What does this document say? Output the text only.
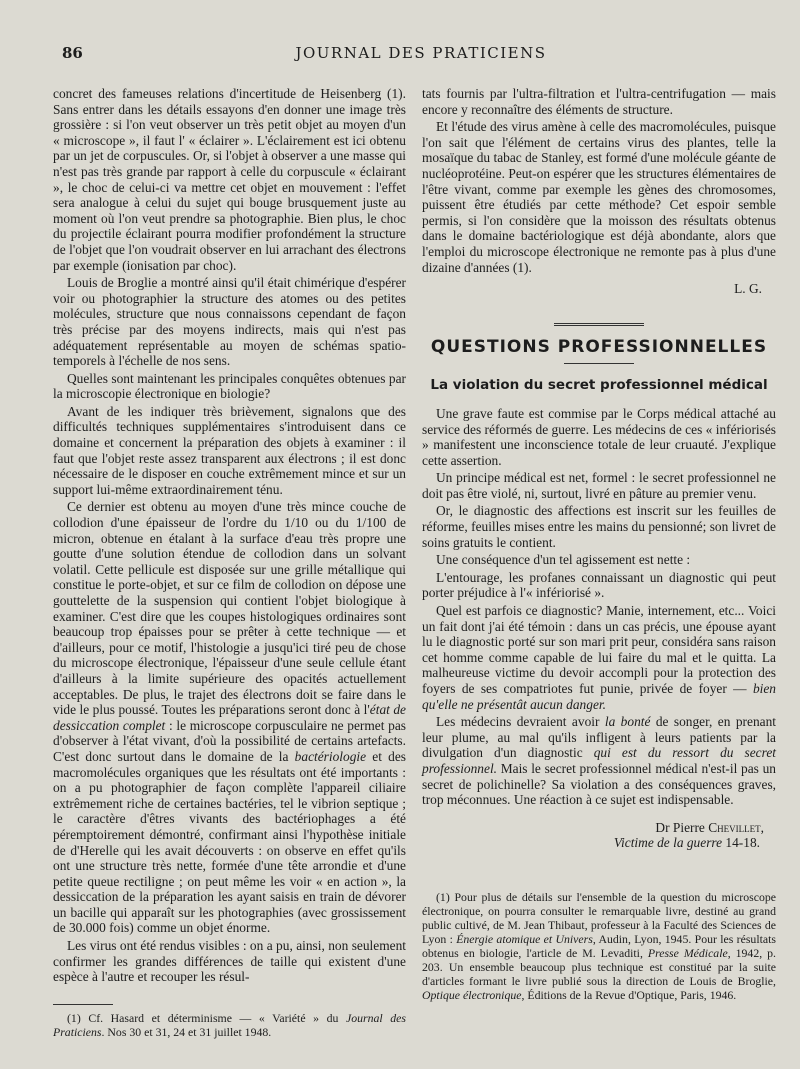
86	JOURNAL DES PRATICIENS

concret des fameuses relations d'incertitude de Heisenberg (1). Sans entrer dans les détails essayons d'en donner une image très grossière : si l'on veut observer un très petit objet au moyen d'un « microscope », il faut l' « éclairer ». L'éclairement est ici obtenu par un jet de corpuscules. Or, si l'objet à observer a une masse qui n'est pas très grande par rapport à celle du corpuscule « éclairant », le choc de celui-ci va mettre cet objet en mouvement : l'effet sera analogue à celui du sujet qui bouge brusquement juste au moment où l'on veut prendre sa photographie. Bien plus, le choc du projectile éclairant pourra modifier profondément la structure de l'objet que l'on voudrait observer en lui arrachant des électrons par exemple (ionisation par choc).

Louis de Broglie a montré ainsi qu'il était chimérique d'espérer voir ou photographier la structure des atomes ou des petites molécules, structure que nous connaissons cependant de façon très précise par des moyens indirects, mais qui n'est pas adéquatement représentable au moyen de schémas spatio-temporels à l'échelle de nos sens.

Quelles sont maintenant les principales conquêtes obtenues par la microscopie électronique en biologie?

Avant de les indiquer très brièvement, signalons que des difficultés techniques supplémentaires s'introduisent dans ce domaine et concernent la préparation des objets à examiner : il faut que l'objet reste assez transparent aux électrons ; il est donc nécessaire de le disposer en couche extrêmement mince et sur un support lui-même extraordinairement ténu.

Ce dernier est obtenu au moyen d'une très mince couche de collodion d'une épaisseur de l'ordre du 1/10 ou du 1/100 de micron, obtenue en étalant à la surface d'eau très propre une goutte d'une solution étendue de collodion dans un solvant volatil. Cette pellicule est disposée sur une grille métallique qui constitue le porte-objet, et sur ce film de collodion on dépose une gouttelette de la suspension qui contient l'objet biologique à examiner. C'est dire que les coupes histologiques ordinaires sont beaucoup trop épaisses pour se prêter à cette technique — et d'ailleurs, pour ce motif, l'histologie a jusqu'ici tiré peu de chose du microscope électronique, l'épaisseur d'une seule cellule étant d'ailleurs à la limite supérieure des opacités actuellement acceptables. De plus, le trajet des électrons doit se faire dans le vide le plus poussé. Toutes les préparations seront donc à l'état de dessiccation complet : le microscope corpusculaire ne permet pas d'observer à l'état vivant, d'où la possibilité de certains artefacts. C'est donc surtout dans le domaine de la bactériologie et des macromolécules organiques que les résultats ont été importants : on a pu photographier de façon complète l'appareil ciliaire extrêmement riche de certaines bactéries, tel le vibrion septique ; le caractère d'êtres vivants des bactériophages a été péremptoirement démontré, confirmant ainsi l'hypothèse initiale de d'Herelle qui les avait découverts : on observe en effet qu'ils ont une structure très nette, formée d'une tête arrondie et d'une petite queue rectiligne ; on peut même les voir « en action », la dessiccation de la préparation les ayant saisis en train de dévorer un bacille qui apparaît sur les photographies (avec grossissement de 30.000 fois) comme un objet énorme.

Les virus ont été rendus visibles : on a pu, ainsi, non seulement confirmer les grandes différences de taille qui existent d'une espèce à l'autre et recouper les résul-

(1) Cf. Hasard et déterminisme — « Variété » du Journal des Praticiens. Nos 30 et 31, 24 et 31 juillet 1948.

tats fournis par l'ultra-filtration et l'ultra-centrifugation — mais encore y reconnaître des éléments de structure.

Et l'étude des virus amène à celle des macromolécules, puisque l'on sait que l'élément de certains virus des plantes, telle la mosaïque du tabac de Stanley, est formé d'une molécule géante de nucléoprotéine. Peut-on espérer que les structures élémentaires de l'être vivant, comme par exemple les gènes des chromosomes, puissent être étudiés par cette méthode? Cet espoir semble permis, si l'on considère que la moisson des résultats obtenus dans le domaine bactériologique est déjà abondante, alors que l'emploi du microscope électronique ne remonte pas à plus d'une dizaine d'années (1).

L. G.
QUESTIONS PROFESSIONNELLES
La violation du secret professionnel médical

Une grave faute est commise par le Corps médical attaché au service des réformés de guerre. Les médecins de ces « infériorisés » manifestent une inconscience totale de leur cruauté. J'explique cette assertion.

Un principe médical est net, formel : le secret professionnel ne doit pas être violé, ni, surtout, livré en pâture au premier venu.

Or, le diagnostic des affections est inscrit sur les feuilles de réforme, feuilles mises entre les mains du pensionné; son livret de soins gratuits le contient.

Une conséquence d'un tel agissement est nette :

L'entourage, les profanes connaissant un diagnostic qui peut porter préjudice à l'« infériorisé ».

Quel est parfois ce diagnostic? Manie, internement, etc... Voici un fait dont j'ai été témoin : dans un cas précis, une épouse ayant lu le diagnostic porté sur son mari prit peur, considéra sans raison cet homme comme capable de lui faire du mal et le quitta. La malheureuse victime du devoir accompli pour la protection des foyers de ses compatriotes fut punie, privée de foyer — bien qu'elle ne présentât aucun danger.

Les médecins devraient avoir la bonté de songer, en prenant leur plume, au mal qu'ils infligent à leurs patients par la divulgation d'un diagnostic qui est du ressort du secret professionnel. Mais le secret professionnel médical n'est-il pas un secret de polichinelle? Sa violation a des conséquences graves, trop méconnues. Une réaction à ce sujet est indispensable.

Dr Pierre Chevillet,
Victime de la guerre 14-18.

(1) Pour plus de détails sur l'ensemble de la question du microscope électronique, on pourra consulter le remarquable livre, destiné au grand public cultivé, de M. Jean Thibaut, professeur à la Faculté des Sciences de Lyon : Énergie atomique et Univers, Audin, Lyon, 1945. Pour les résultats obtenus en biologie, l'article de M. Levaditi, Presse Médicale, 1942, p. 203. Un ensemble beaucoup plus technique est constitué par la suite d'articles formant le livre publié sous la direction de Louis de Broglie, Optique électronique, Éditions de la Revue d'Optique, Paris, 1946.
